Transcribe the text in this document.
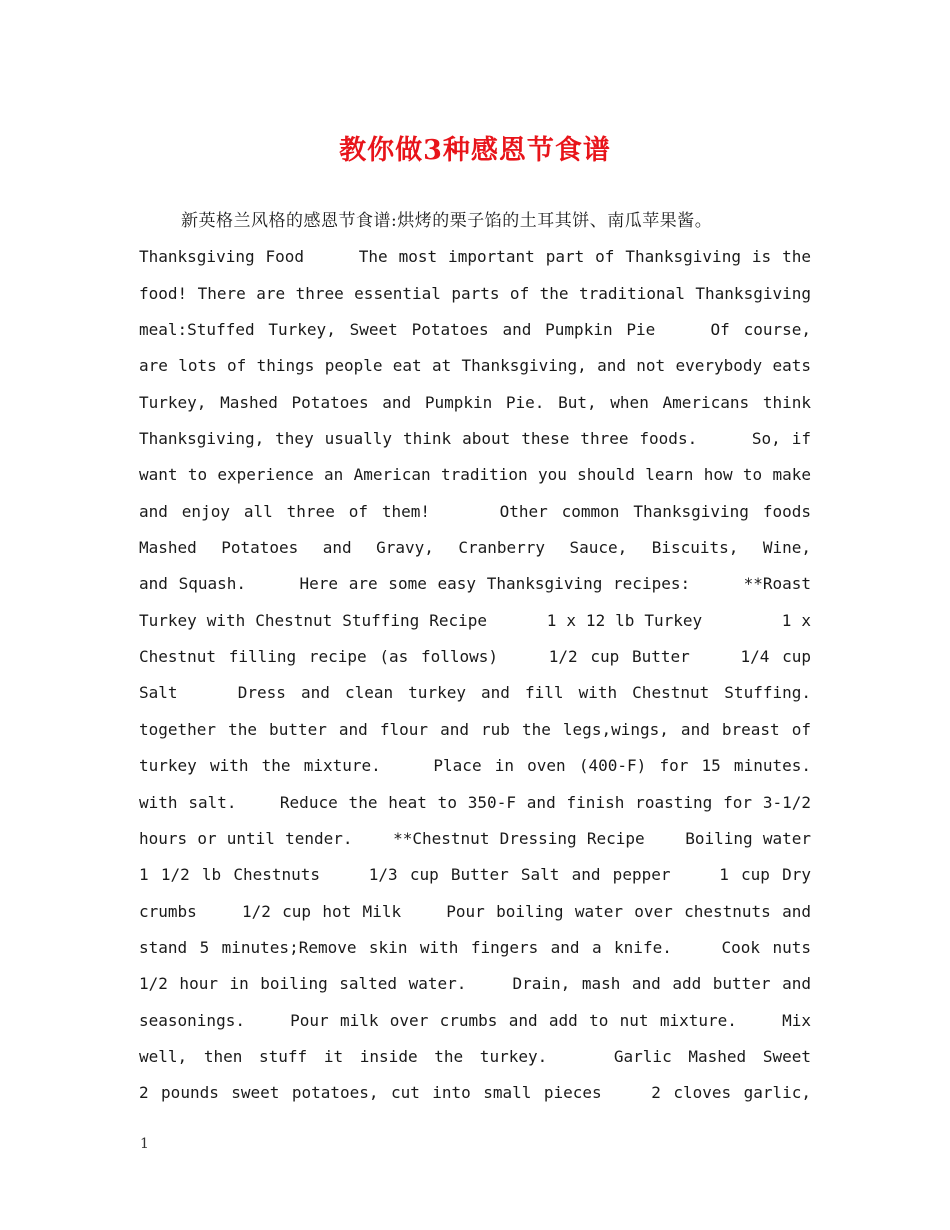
教你做3种感恩节食谱
新英格兰风格的感恩节食谱:烘烤的栗子馅的土耳其饼、南瓜苹果酱。
Thanksgiving Food     The most important part of Thanksgiving is the
food! There are three essential parts of the traditional Thanksgiving
meal:Stuffed Turkey, Sweet Potatoes and Pumpkin Pie    Of course,
are lots of things people eat at Thanksgiving, and not everybody eats
Turkey, Mashed Potatoes and Pumpkin Pie. But, when Americans think
Thanksgiving, they usually think about these three foods.     So, if
want to experience an American tradition you should learn how to make
and enjoy all three of them!     Other common Thanksgiving foods
Mashed Potatoes and Gravy, Cranberry Sauce, Biscuits, Wine,
and Squash.     Here are some easy Thanksgiving recipes:     **Roast
Turkey with Chestnut Stuffing Recipe      1 x 12 lb Turkey        1 x
Chestnut filling recipe (as follows)    1/2 cup Butter    1/4 cup
Salt    Dress and clean turkey and fill with Chestnut Stuffing.
together the butter and flour and rub the legs,wings, and breast of
turkey with the mixture.    Place in oven (400-F) for 15 minutes.
with salt.    Reduce the heat to 350-F and finish roasting for 3-1/2
hours or until tender.    **Chestnut Dressing Recipe    Boiling water
1 1/2 lb Chestnuts    1/3 cup Butter Salt and pepper    1 cup Dry
crumbs    1/2 cup hot Milk    Pour boiling water over chestnuts and
stand 5 minutes;Remove skin with fingers and a knife.    Cook nuts
1/2 hour in boiling salted water.    Drain, mash and add butter and
seasonings.    Pour milk over crumbs and add to nut mixture.    Mix
well, then stuff it inside the turkey.    Garlic Mashed Sweet
2 pounds sweet potatoes, cut into small pieces    2 cloves garlic,
1
